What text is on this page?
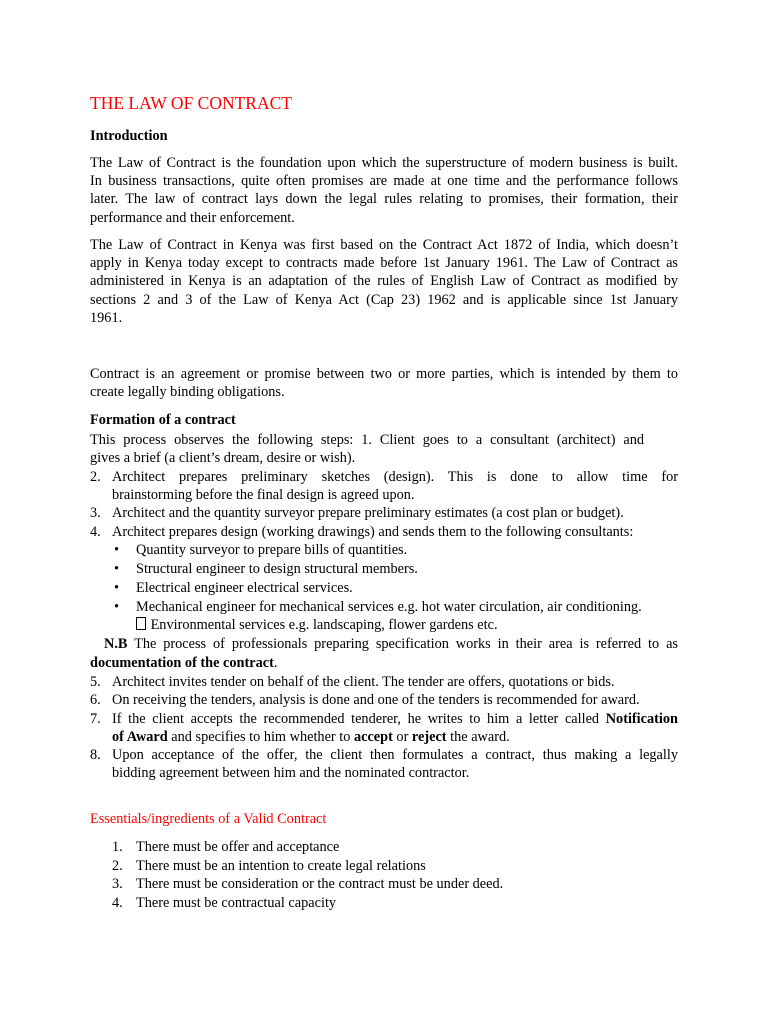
THE LAW OF CONTRACT
Introduction
The Law of Contract is the foundation upon which the superstructure of modern business is built.
In business transactions, quite often promises are made at one time and the performance follows
later. The law of contract lays down the legal rules relating to promises, their formation, their
performance and their enforcement.
The Law of Contract in Kenya was first based on the Contract Act 1872 of India, which doesn’t
apply in Kenya today except to contracts made before 1st January 1961. The Law of Contract as
administered in Kenya is an adaptation of the rules of English Law of Contract as modified by
sections 2 and 3 of the Law of Kenya Act (Cap 23) 1962 and is applicable since 1st January
1961.
Contract is an agreement or promise between two or more parties, which is intended by them to
create legally binding obligations.
Formation of a contract
This process observes the following steps: 1. Client goes to a consultant (architect) and
gives a brief (a client’s dream, desire or wish).
2. Architect prepares preliminary sketches (design). This is done to allow time for
brainstorming before the final design is agreed upon.
3. Architect and the quantity surveyor prepare preliminary estimates (a cost plan or budget).
4. Architect prepares design (working drawings) and sends them to the following consultants:
• Quantity surveyor to prepare bills of quantities.
• Structural engineer to design structural members.
• Electrical engineer electrical services.
• Mechanical engineer for mechanical services e.g. hot water circulation, air conditioning.
Environmental services e.g. landscaping, flower gardens etc.
N.B The process of professionals preparing specification works in their area is referred to as
documentation of the contract.
5. Architect invites tender on behalf of the client. The tender are offers, quotations or bids.
6. On receiving the tenders, analysis is done and one of the tenders is recommended for award.
7. If the client accepts the recommended tenderer, he writes to him a letter called Notification
of Award and specifies to him whether to accept or reject the award.
8. Upon acceptance of the offer, the client then formulates a contract, thus making a legally
bidding agreement between him and the nominated contractor.
Essentials/ingredients of a Valid Contract
1. There must be offer and acceptance
2. There must be an intention to create legal relations
3. There must be consideration or the contract must be under deed.
4. There must be contractual capacity
